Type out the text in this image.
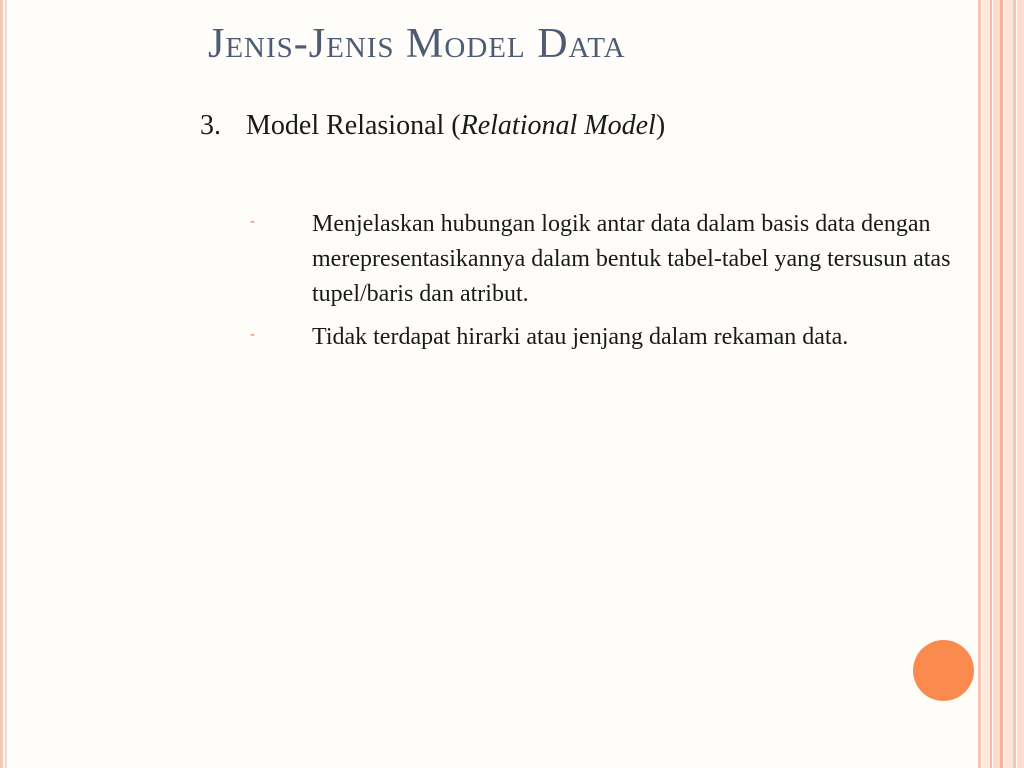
Jenis-Jenis Model Data
3. Model Relasional (Relational Model)
- Menjelaskan hubungan logik antar data dalam basis data dengan merepresentasikannya dalam bentuk tabel-tabel yang tersusun atas tupel/baris dan atribut.
- Tidak terdapat hirarki atau jenjang dalam rekaman data.
